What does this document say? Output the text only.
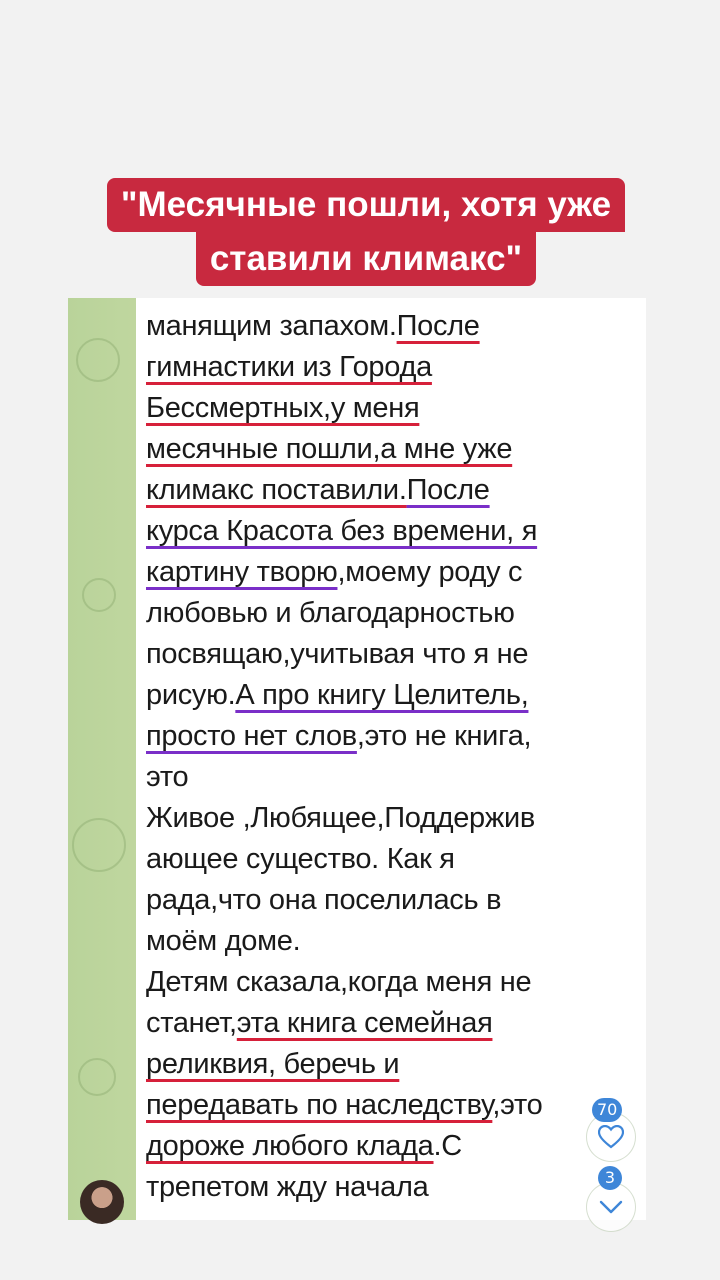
"Месячные пошли, хотя уже
ставили климакс"
манящим запахом.После
гимнастики из Города
Бессмертных,у меня
месячные пошли,а мне уже
климакс поставили.После
курса Красота без времени, я
картину творю,моему роду с
любовью и благодарностью
посвящаю,учитывая что я не
рисую.А про книгу Целитель,
просто нет слов,это не книга,
это
Живое ,Любящее,Поддержив
ающее существо. Как я
рада,что она поселилась в
моём доме.
Детям сказала,когда меня не
станет,эта книга семейная
реликвия, беречь и
передавать по наследству,это
дороже любого клада.С
трепетом жду начала
70
3
